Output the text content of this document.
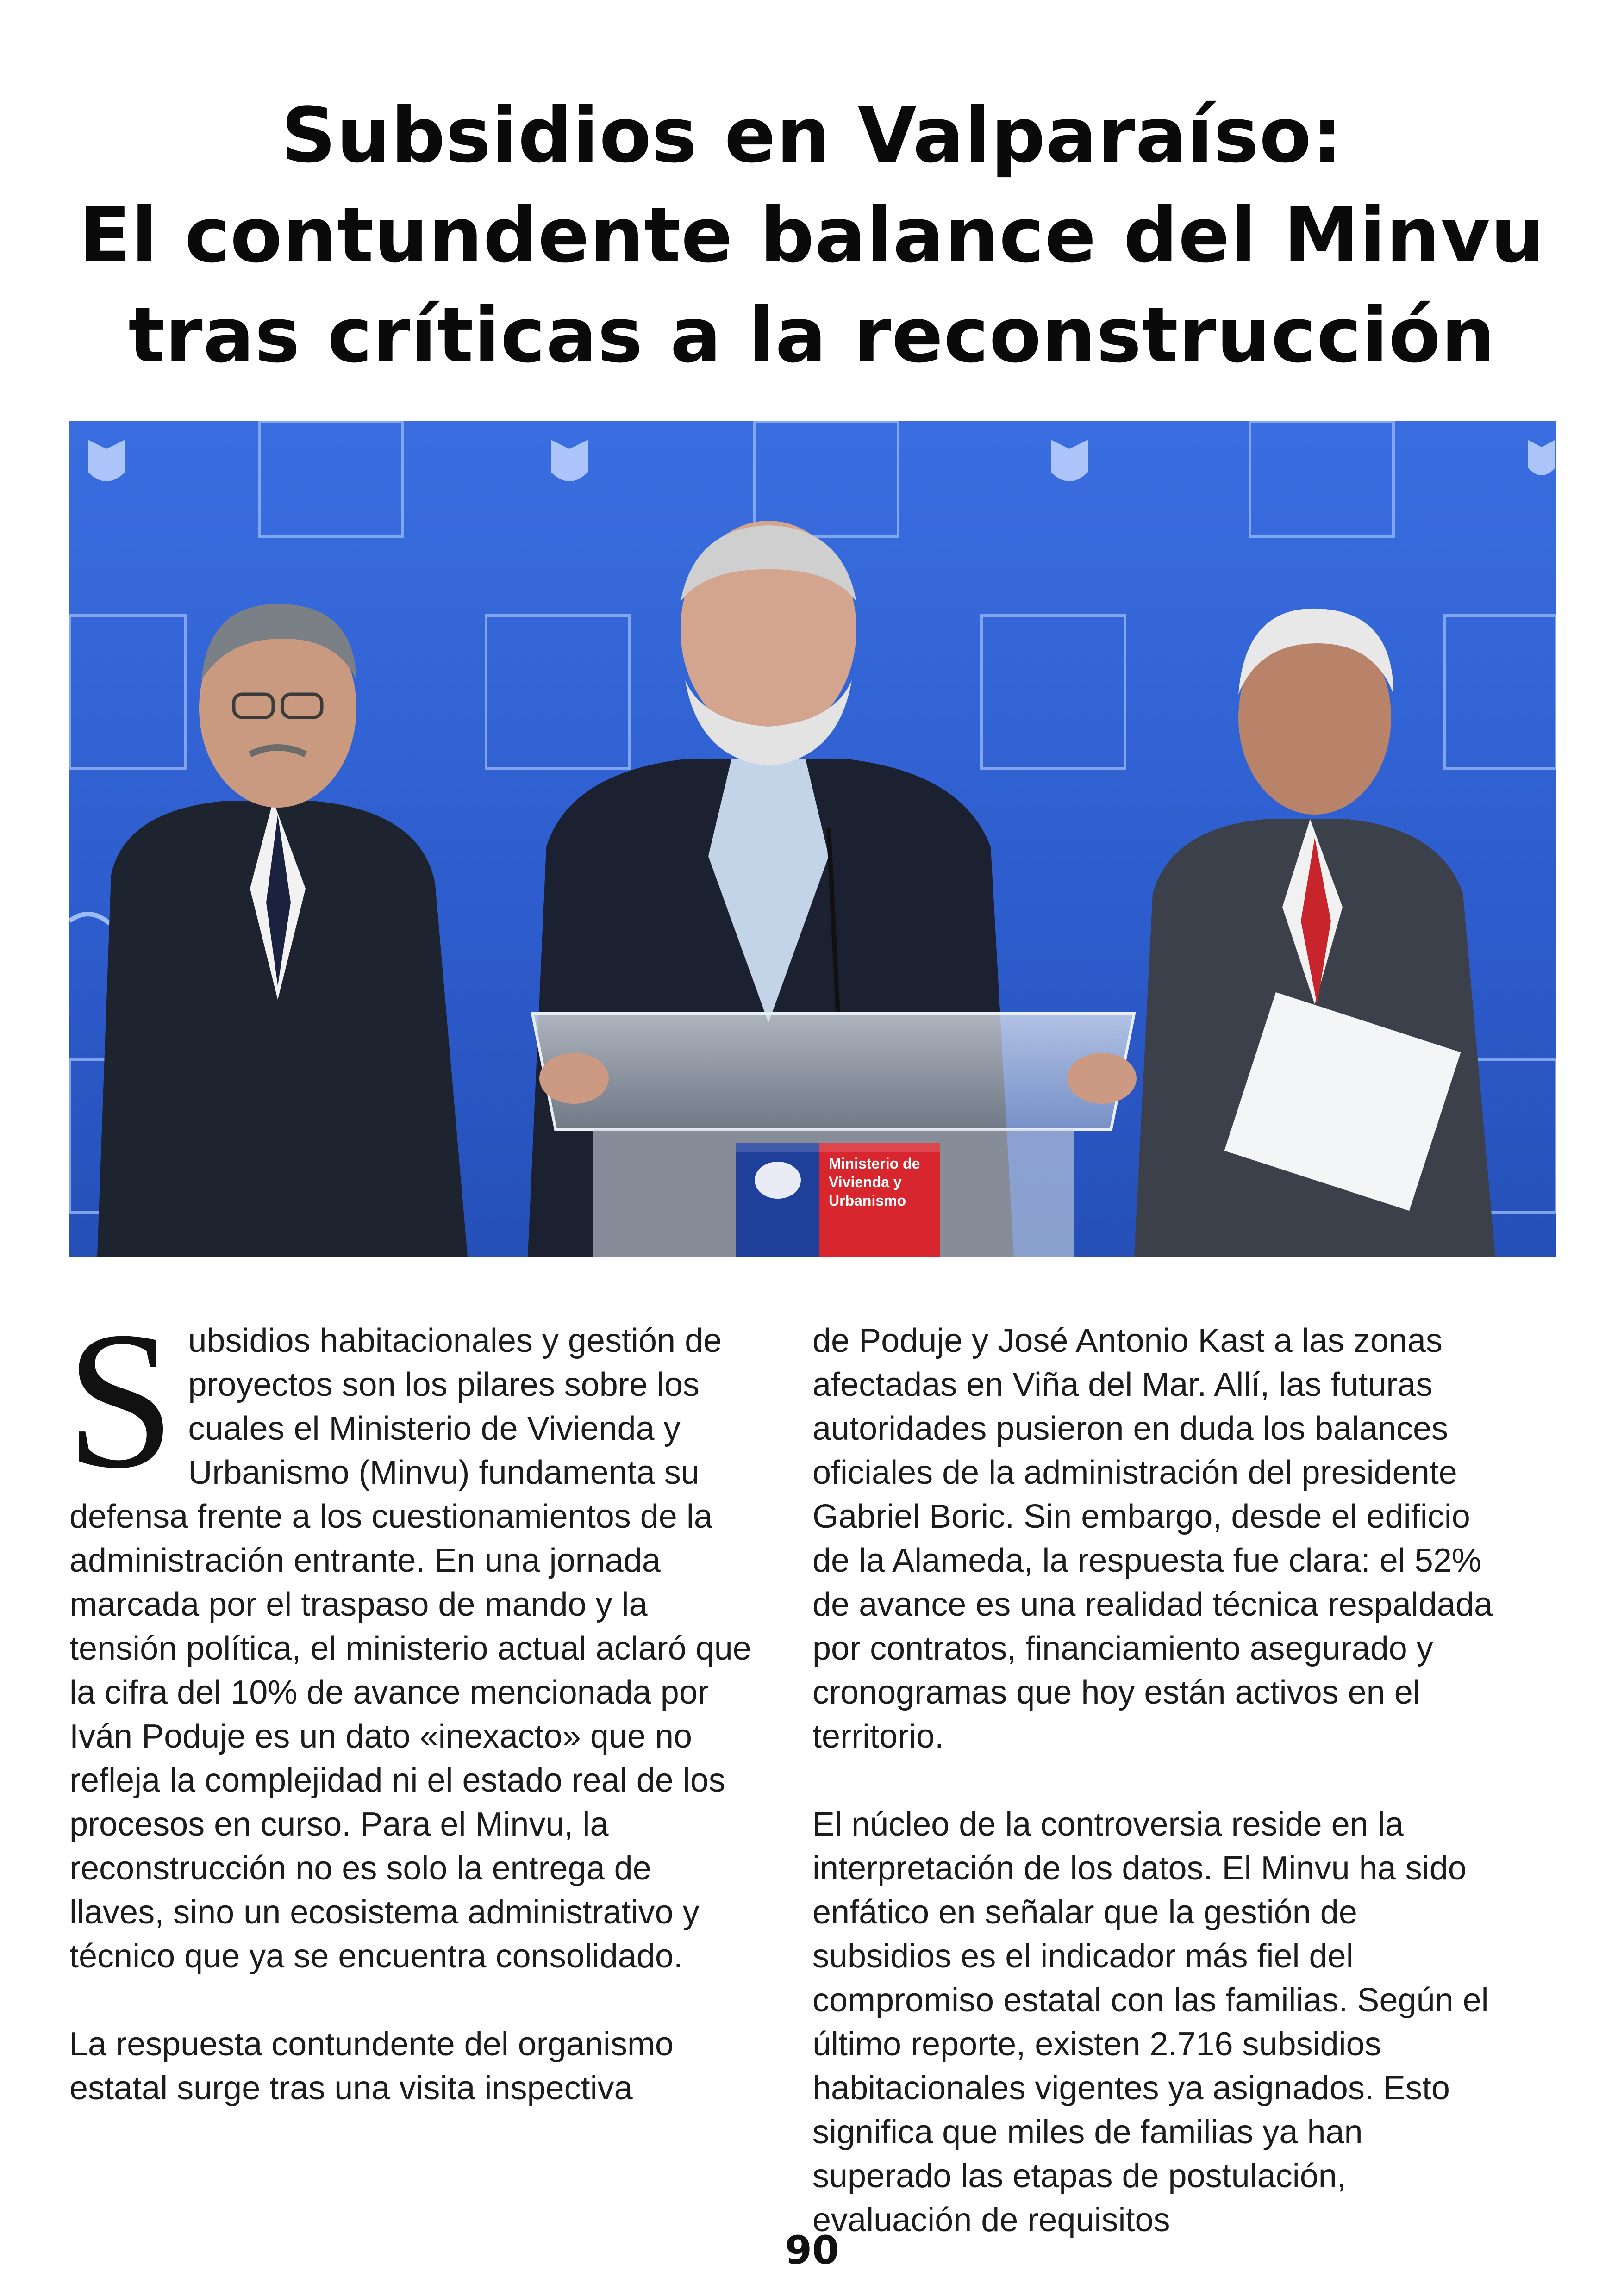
Subsidios en Valparaíso:
El contundente balance del Minvu
tras críticas a la reconstrucción
Ministerio de
Vivienda y
Urbanismo

S ubsidios habitacionales y gestión de proyectos son los pilares sobre los cuales el Ministerio de Vivienda y Urbanismo (Minvu) fundamenta su defensa frente a los cuestionamientos de la administración entrante. En una jornada marcada por el traspaso de mando y la tensión política, el ministerio actual aclaró que la cifra del 10% de avance mencionada por Iván Poduje es un dato «inexacto» que no refleja la complejidad ni el estado real de los procesos en curso. Para el Minvu, la reconstrucción no es solo la entrega de llaves, sino un ecosistema administrativo y técnico que ya se encuentra consolidado.

La respuesta contundente del organismo estatal surge tras una visita inspectiva

de Poduje y José Antonio Kast a las zonas afectadas en Viña del Mar. Allí, las futuras autoridades pusieron en duda los balances oficiales de la administración del presidente Gabriel Boric. Sin embargo, desde el edificio de la Alameda, la respuesta fue clara: el 52% de avance es una realidad técnica respaldada por contratos, financiamiento asegurado y cronogramas que hoy están activos en el territorio.

El núcleo de la controversia reside en la interpretación de los datos. El Minvu ha sido enfático en señalar que la gestión de subsidios es el indicador más fiel del compromiso estatal con las familias. Según el último reporte, existen 2.716 subsidios habitacionales vigentes ya asignados. Esto significa que miles de familias ya han superado las etapas de postulación, evaluación de requisitos

90
